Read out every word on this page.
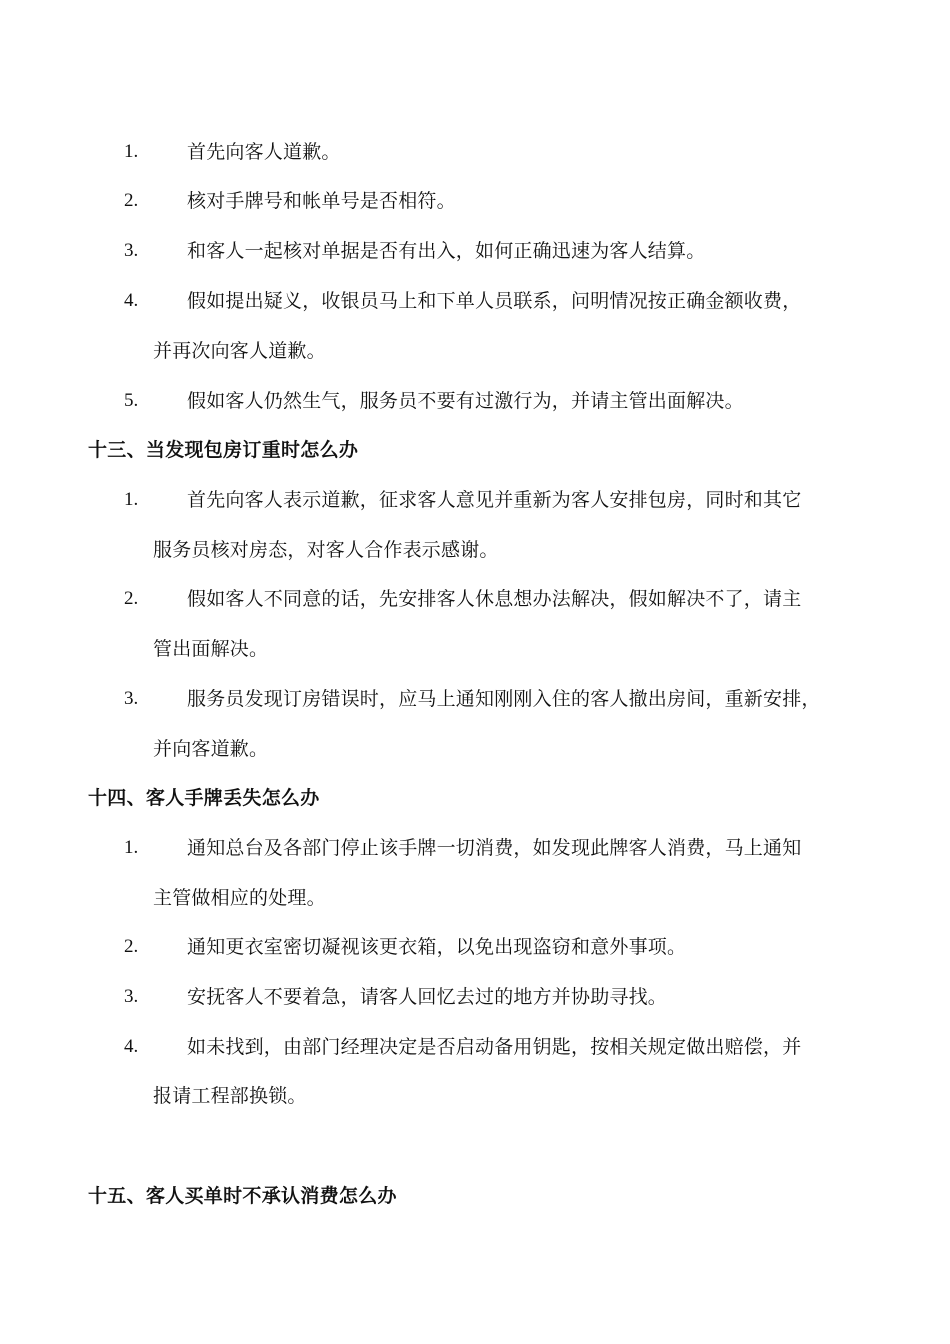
1.	首先向客人道歉。
2.	核对手牌号和帐单号是否相符。
3.	和客人一起核对单据是否有出入，如何正确迅速为客人结算。
4.	假如提出疑义，收银员马上和下单人员联系，问明情况按正确金额收费，
并再次向客人道歉。
5.	假如客人仍然生气，服务员不要有过激行为，并请主管出面解决。
十三、当发现包房订重时怎么办
1.	首先向客人表示道歉，征求客人意见并重新为客人安排包房，同时和其它
服务员核对房态，对客人合作表示感谢。
2.	假如客人不同意的话，先安排客人休息想办法解决，假如解决不了，请主
管出面解决。
3.	服务员发现订房错误时，应马上通知刚刚入住的客人撤出房间，重新安排，
并向客道歉。
十四、客人手牌丢失怎么办
1.	通知总台及各部门停止该手牌一切消费，如发现此牌客人消费，马上通知
主管做相应的处理。
2.	通知更衣室密切凝视该更衣箱，以免出现盗窃和意外事项。
3.	安抚客人不要着急，请客人回忆去过的地方并协助寻找。
4.	如未找到，由部门经理决定是否启动备用钥匙，按相关规定做出赔偿，并
报请工程部换锁。
十五、客人买单时不承认消费怎么办
